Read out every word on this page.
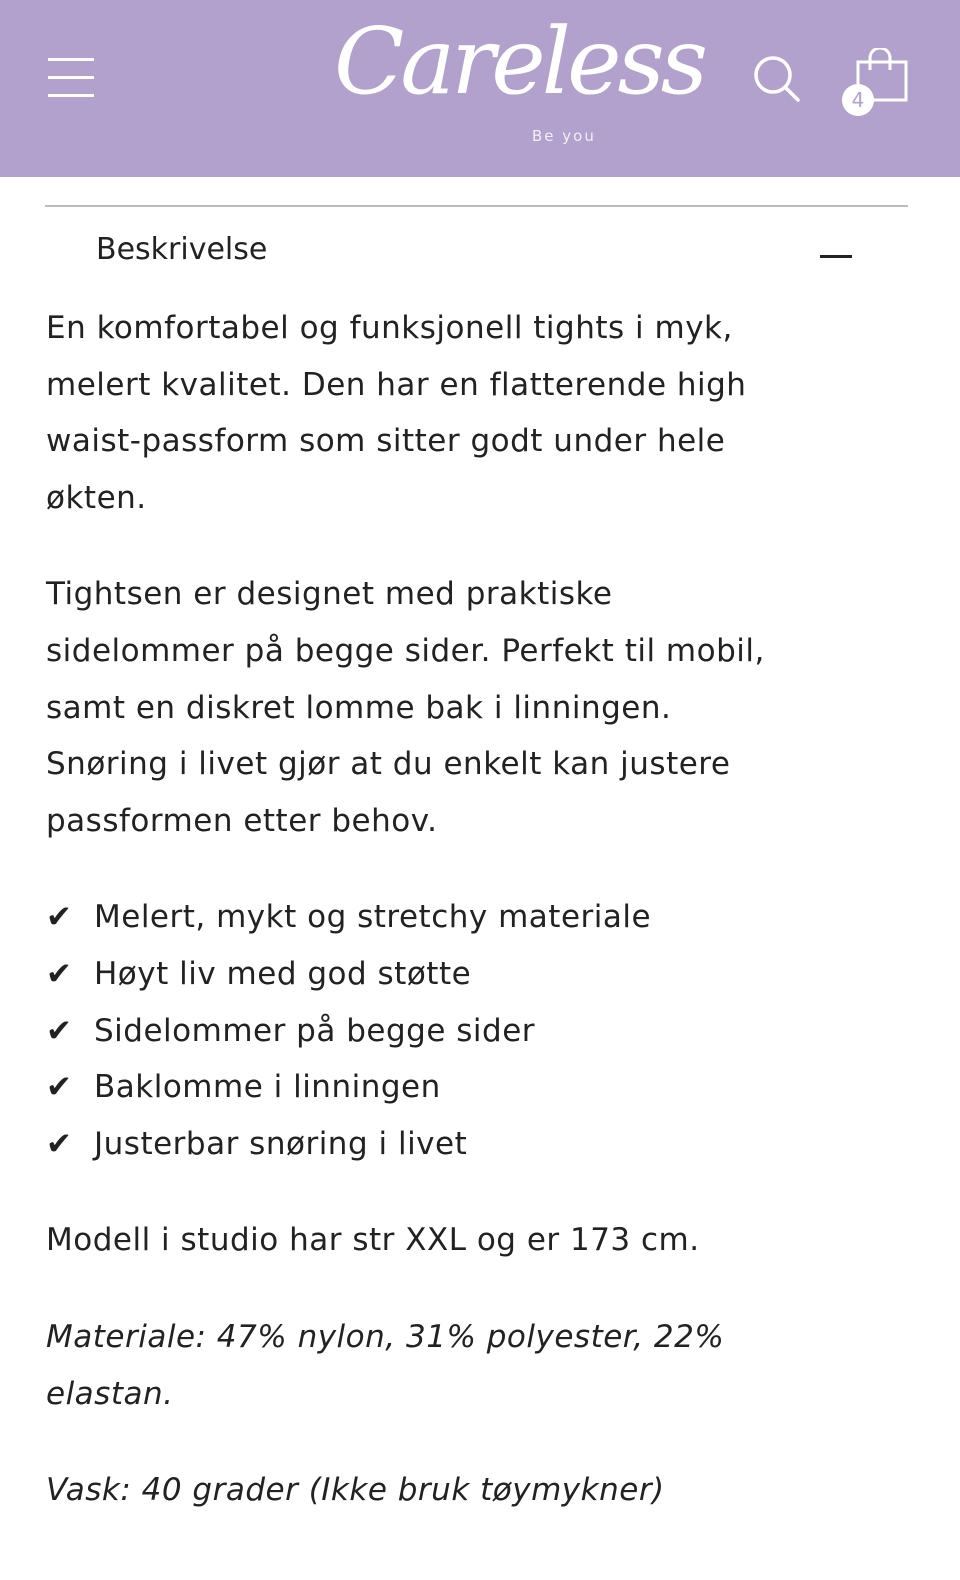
Careless
Be you
4
Beskrivelse

En komfortabel og funksjonell tights i myk,
melert kvalitet. Den har en flatterende high
waist-passform som sitter godt under hele
økten.

Tightsen er designet med praktiske
sidelommer på begge sider. Perfekt til mobil,
samt en diskret lomme bak i linningen.
Snøring i livet gjør at du enkelt kan justere
passformen etter behov.

✔ Melert, mykt og stretchy materiale
✔ Høyt liv med god støtte
✔ Sidelommer på begge sider
✔ Baklomme i linningen
✔ Justerbar snøring i livet

Modell i studio har str XXL og er 173 cm.

Materiale: 47% nylon, 31% polyester, 22%
elastan.

Vask: 40 grader (Ikke bruk tøymykner)
